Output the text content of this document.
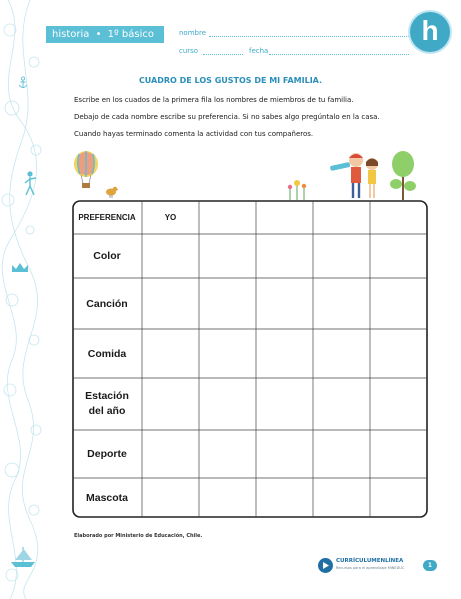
historia • 1º básico	nombre
curso	fecha
h
CUADRO DE LOS GUSTOS DE MI FAMILIA.
Escribe en los cuados de la primera fila los nombres de miembros de tu familia.
Debajo de cada nombre escribe su preferencia. Si no sabes algo pregúntalo en la casa.
Cuando hayas terminado comenta la actividad con tus compañeros.
PREFERENCIA	YO
Color
Canción
Comida
Estación del año
Deporte
Mascota
Elaborado por Ministerio de Educación, Chile.
CURRÍCULUMENLÍNEA
Recursos para el aprendizaje MINEDUC	1
